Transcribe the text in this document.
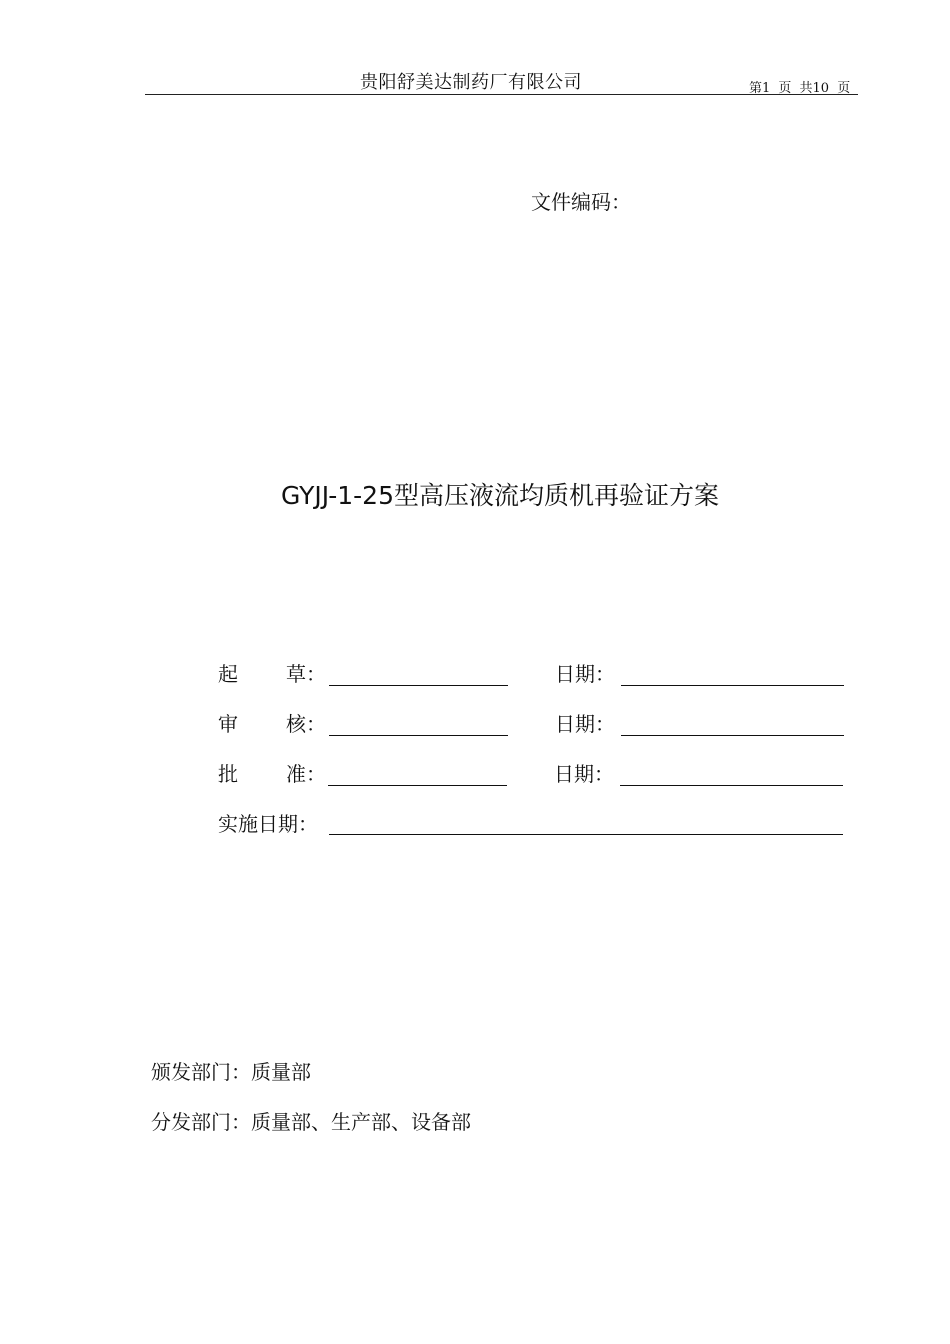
贵阳舒美达制药厂有限公司	第1 页 共10 页
文件编码：
GYJJ-1-25型高压液流均质机再验证方案
起 草：	日期：
审 核：	日期：
批 准：	日期：
实施日期：
颁发部门：质量部
分发部门：质量部、生产部、设备部
